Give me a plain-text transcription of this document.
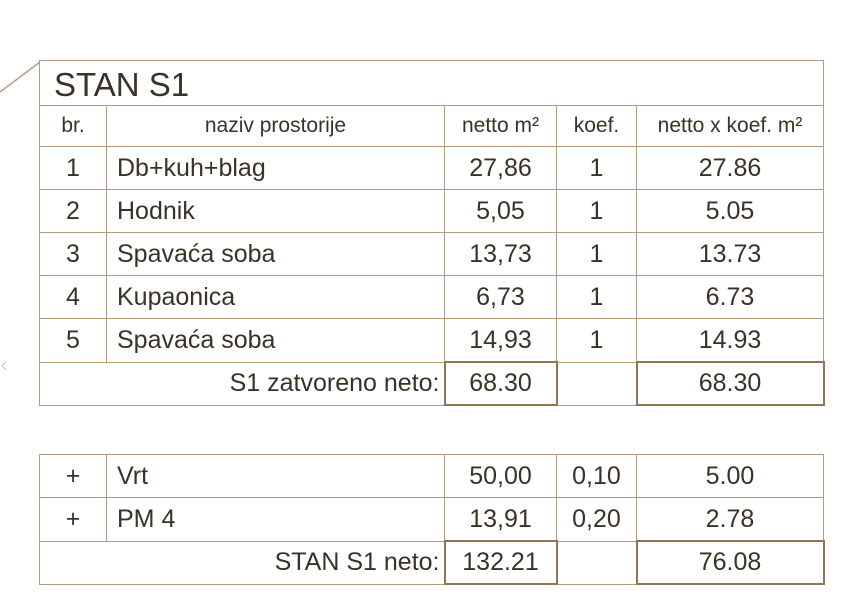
STAN S1				
br.	naziv prostorije	netto m²	koef.	netto x koef. m²
1	Db+kuh+blag	27,86	1	27.86
2	Hodnik	5,05	1	5.05
3	Spavaća soba	13,73	1	13.73
4	Kupaonica	6,73	1	6.73
5	Spavaća soba	14,93	1	14.93
S1 zatvoreno neto:		68.30		68.30
+	Vrt	50,00	0,10	5.00
+	PM 4	13,91	0,20	2.78
STAN S1 neto:		132.21		76.08
